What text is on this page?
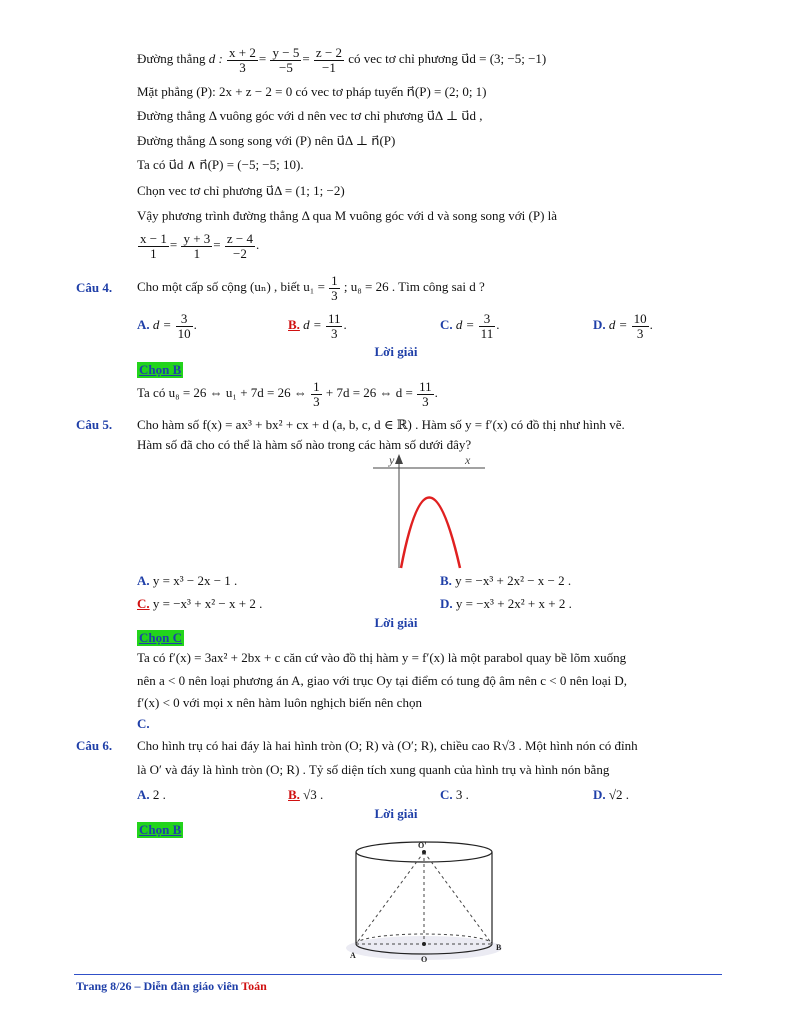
Đường thẳng d : $\frac{x + 2}{3} = \frac{y - 5}{-5} = \frac{z - 2}{-1}$ có vec tơ chỉ phương u⃗d = (3; −5; −1)
Mặt phẳng (P): 2x + z − 2 = 0 có vec tơ pháp tuyến n⃗(P) = (2; 0; 1)
Đường thẳng Δ vuông góc với d nên vec tơ chỉ phương u⃗Δ ⊥ u⃗d ,
Đường thẳng Δ song song với (P) nên u⃗Δ ⊥ n⃗(P)
Ta có u⃗d ∧ n⃗(P) = (−5; −5; 10).
Chọn vec tơ chỉ phương u⃗Δ = (1; 1; −2)
Vậy phương trình đường thẳng Δ qua M vuông góc với d và song song với (P) là
$\frac{x - 1}{1} = \frac{y + 3}{1} = \frac{z - 4}{-2}$ .
Câu 4. Cho một cấp số cộng (uₙ) , biết $u_1 = \frac{1}{3}$ ; u₈ = 26 . Tìm công sai d ?
A. $d = \frac{3}{10}$ .	B. $d = \frac{11}{3}$ .	C. $d = \frac{3}{11}$ .	D. $d = \frac{10}{3}$ .
Lời giải
Chọn B
Ta có u₈ = 26 ⇔ u₁ + 7d = 26 ⇔ $\frac{1}{3} + 7d = 26$ ⇔ $d = \frac{11}{3}$ .
Câu 5. Cho hàm số f(x) = ax³ + bx² + cx + d (a, b, c, d ∈ ℝ) . Hàm số y = f′(x) có đồ thị như hình vẽ.
Hàm số đã cho có thể là hàm số nào trong các hàm số dưới đây?
y	x
A. y = x³ − 2x − 1 .	B. y = −x³ + 2x² − x − 2 .
C. y = −x³ + x² − x + 2 .	D. y = −x³ + 2x² + x + 2 .
Lời giải
Chọn C
Ta có f′(x) = 3ax² + 2bx + c căn cứ vào đồ thị hàm y = f′(x) là một parabol quay bề lõm xuống
nên a < 0 nên loại phương án A, giao với trục Oy tại điểm có tung độ âm nên c < 0 nên loại D,
f′(x) < 0 với mọi x nên hàm luôn nghịch biến nên chọn
C.
Câu 6. Cho hình trụ có hai đáy là hai hình tròn (O; R) và (O′; R), chiều cao R√3 . Một hình nón có đỉnh
là O′ và đáy là hình tròn (O; R) . Tỷ số diện tích xung quanh của hình trụ và hình nón bằng
A. 2 .	B. √3 .	C. 3 .	D. √2 .
Lời giải
Chọn B
O'
A	O
B
Trang 8/26 – Diễn đàn giáo viên Toán
